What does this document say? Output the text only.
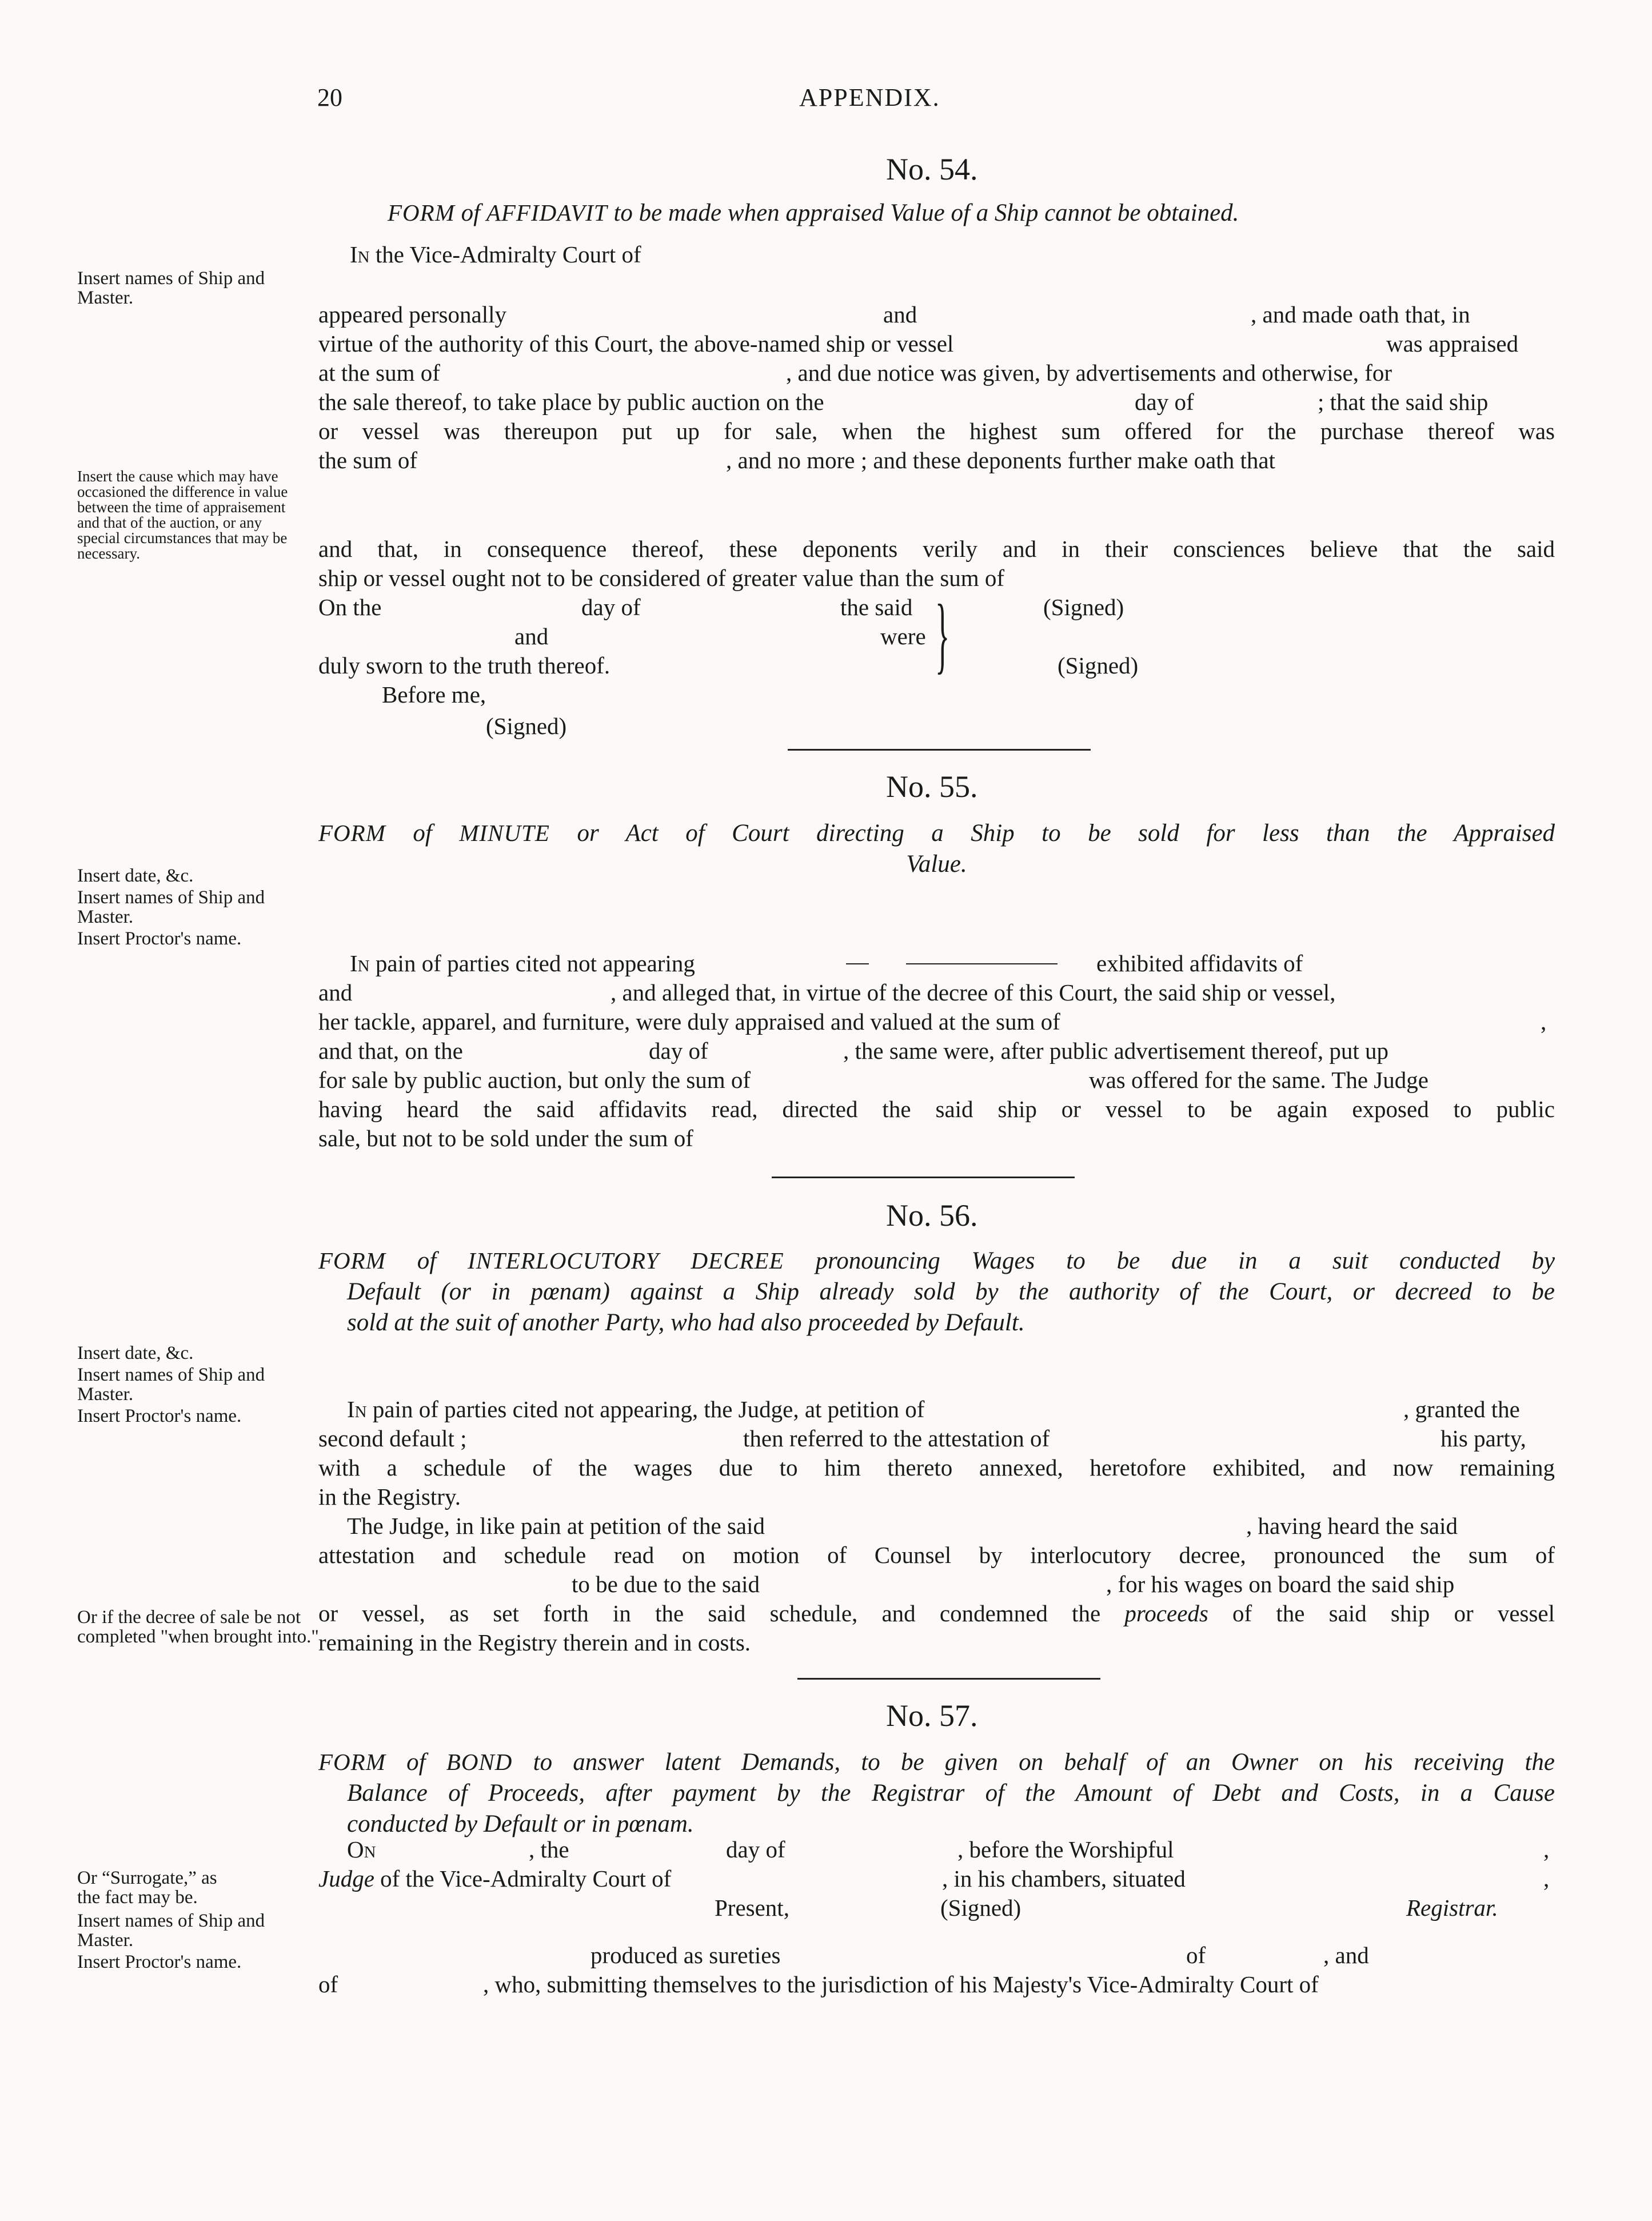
20	APPENDIX.
No. 54.
FORM of AFFIDAVIT to be made when appraised Value of a Ship cannot be obtained.
In the Vice-Admiralty Court of
Insert names of Ship and Master.
appeared personally	and	, and made oath that, in
virtue of the authority of this Court, the above-named ship or vessel	was appraised
at the sum of	, and due notice was given, by advertisements and otherwise, for
the sale thereof, to take place by public auction on the	day of	; that the said ship
or vessel was thereupon put up for sale, when the highest sum offered for the purchase thereof was
Insert the cause which may have occasioned the difference in value between the time of appraisement and that of the auction, or any special circumstances that may be necessary.
the sum of	, and no more ; and these deponents further make oath that
and that, in consequence thereof, these deponents verily and in their consciences believe that the said
ship or vessel ought not to be considered of greater value than the sum of
On the	day of	the said	(Signed)
}
and	were
duly sworn to the truth thereof.	(Signed)
Before me,
(Signed)
No. 55.
FORM of MINUTE or Act of Court directing a Ship to be sold for less than the Appraised
Value.
Insert date, &c.
Insert names of Ship and Master.
Insert Proctor's name.
In pain of parties cited not appearing	exhibited affidavits of
and	, and alleged that, in virtue of the decree of this Court, the said ship or vessel,
her tackle, apparel, and furniture, were duly appraised and valued at the sum of	,
and that, on the	day of	, the same were, after public advertisement thereof, put up
for sale by public auction, but only the sum of	was offered for the same. The Judge
having heard the said affidavits read, directed the said ship or vessel to be again exposed to public
sale, but not to be sold under the sum of
No. 56.
FORM of INTERLOCUTORY DECREE pronouncing Wages to be due in a suit conducted by
Default (or in pœnam) against a Ship already sold by the authority of the Court, or decreed to be
sold at the suit of another Party, who had also proceeded by Default.
Insert date, &c.
Insert names of Ship and Master.
Insert Proctor's name.	In pain of parties cited not appearing, the Judge, at petition of	, granted the
second default ;	then referred to the attestation of	his party,
with a schedule of the wages due to him thereto annexed, heretofore exhibited, and now remaining
in the Registry.
The Judge, in like pain at petition of the said	, having heard the said
attestation and schedule read on motion of Counsel by interlocutory decree, pronounced the sum of
to be due to the said	, for his wages on board the said ship
Or if the decree of sale be not completed "when brought into."
or vessel, as set forth in the said schedule, and condemned the proceeds of the said ship or vessel
remaining in the Registry therein and in costs.
No. 57.
FORM of BOND to answer latent Demands, to be given on behalf of an Owner on his receiving the
Balance of Proceeds, after payment by the Registrar of the Amount of Debt and Costs, in a Cause
conducted by Default or in pœnam.
On	, the	day of	, before the Worshipful	,
Or “Surrogate,” as
the fact may be.
Judge of the Vice-Admiralty Court of	, in his chambers, situated	,
Present,	(Signed)	Registrar.
Insert names of Ship and Master.
Insert Proctor's name.	produced as sureties	of	, and
of	, who, submitting themselves to the jurisdiction of his Majesty's Vice-Admiralty Court of
